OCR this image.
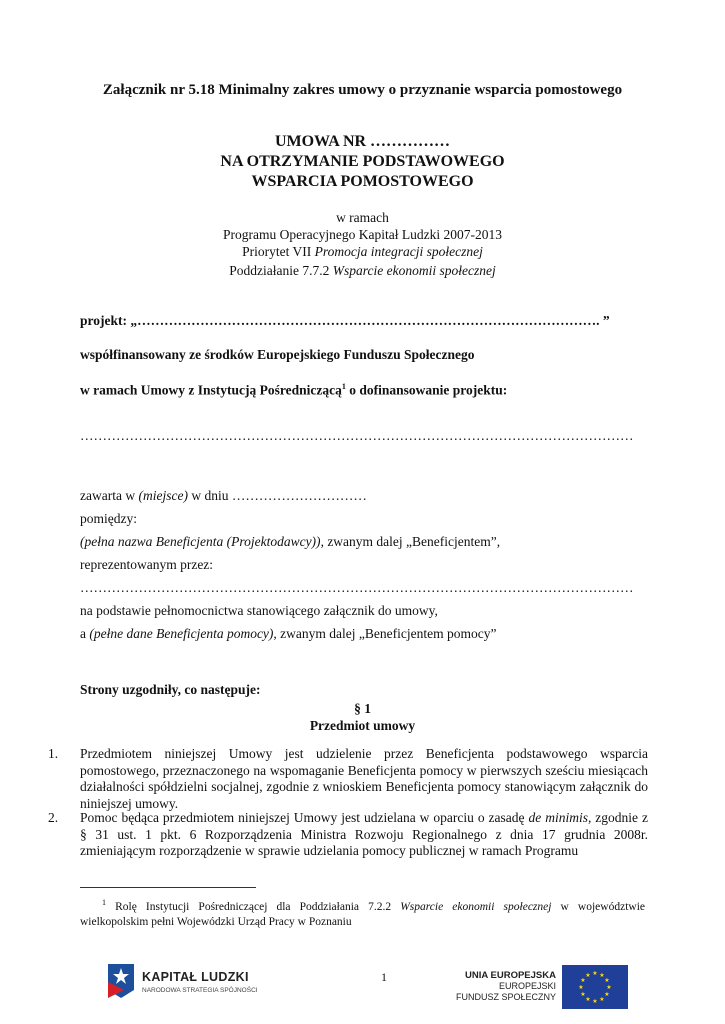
Załącznik nr 5.18 Minimalny zakres umowy o przyznanie wsparcia pomostowego
UMOWA NR ……………
NA OTRZYMANIE PODSTAWOWEGO
WSPARCIA POMOSTOWEGO
w ramach
Programu Operacyjnego Kapitał Ludzki 2007-2013
Priorytet VII Promocja integracji społecznej
Poddziałanie 7.7.2 Wsparcie ekonomii społecznej
projekt: „…………………………………………………………………………………………. ”
współfinansowany ze środków Europejskiego Funduszu Społecznego
w ramach Umowy z Instytucją Pośredniczącą$^1$ o dofinansowanie projektu:
……………………………………………………………………………………………………………
zawarta w (miejsce) w dniu …………………………
pomiędzy:
(pełna nazwa Beneficjenta (Projektodawcy)), zwanym dalej „Beneficjentem”,
reprezentowanym przez:
……………………………………………………………………………………………………………
na podstawie pełnomocnictwa stanowiącego załącznik do umowy,
a (pełne dane Beneficjenta pomocy), zwanym dalej „Beneficjentem pomocy”
Strony uzgodniły, co następuje:
§ 1
Przedmiot umowy
1. Przedmiotem niniejszej Umowy jest udzielenie przez Beneficjenta podstawowego wsparcia pomostowego, przeznaczonego na wspomaganie Beneficjenta pomocy w pierwszych sześciu miesiącach działalności spółdzielni socjalnej, zgodnie z wnioskiem Beneficjenta pomocy stanowiącym załącznik do niniejszej umowy.
2. Pomoc będąca przedmiotem niniejszej Umowy jest udzielana w oparciu o zasadę de minimis, zgodnie z § 31 ust. 1 pkt. 6 Rozporządzenia Ministra Rozwoju Regionalnego z dnia 17 grudnia 2008r. zmieniającym rozporządzenie w sprawie udzielania pomocy publicznej w ramach Programu
$^1$ Rolę Instytucji Pośredniczącej dla Poddziałania 7.2.2 Wsparcie ekonomii społecznej w województwie wielkopolskim pełni Wojewódzki Urząd Pracy w Poznaniu
1
KAPITAŁ LUDZKI
NARODOWA STRATEGIA SPÓJNOŚCI
UNIA EUROPEJSKA
EUROPEJSKI
FUNDUSZ SPOŁECZNY
★ ★
★
★
★
★
★
★
★
★
★
★
